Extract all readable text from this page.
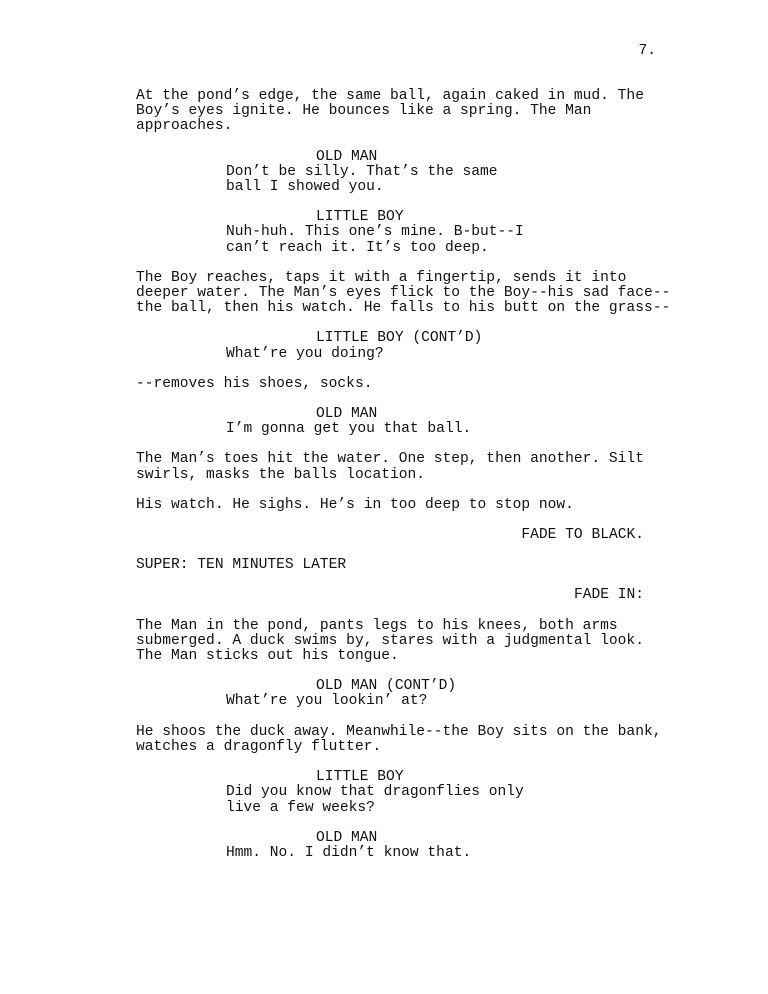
7.

At the pond’s edge, the same ball, again caked in mud. The
Boy’s eyes ignite. He bounces like a spring. The Man
approaches.

OLD MAN

Don’t be silly. That’s the same
ball I showed you.

LITTLE BOY

Nuh-huh. This one’s mine. B-but--I
can’t reach it. It’s too deep.

The Boy reaches, taps it with a fingertip, sends it into
deeper water. The Man’s eyes flick to the Boy--his sad face--
the ball, then his watch. He falls to his butt on the grass--

LITTLE BOY (CONT’D)

What’re you doing?

--removes his shoes, socks.

OLD MAN

I’m gonna get you that ball.

The Man’s toes hit the water. One step, then another. Silt
swirls, masks the balls location.

His watch. He sighs. He’s in too deep to stop now.

FADE TO BLACK.

SUPER: TEN MINUTES LATER

FADE IN:

The Man in the pond, pants legs to his knees, both arms
submerged. A duck swims by, stares with a judgmental look.
The Man sticks out his tongue.

OLD MAN (CONT’D)

What’re you lookin’ at?

He shoos the duck away. Meanwhile--the Boy sits on the bank,
watches a dragonfly flutter.

LITTLE BOY

Did you know that dragonflies only
live a few weeks?

OLD MAN

Hmm. No. I didn’t know that.
